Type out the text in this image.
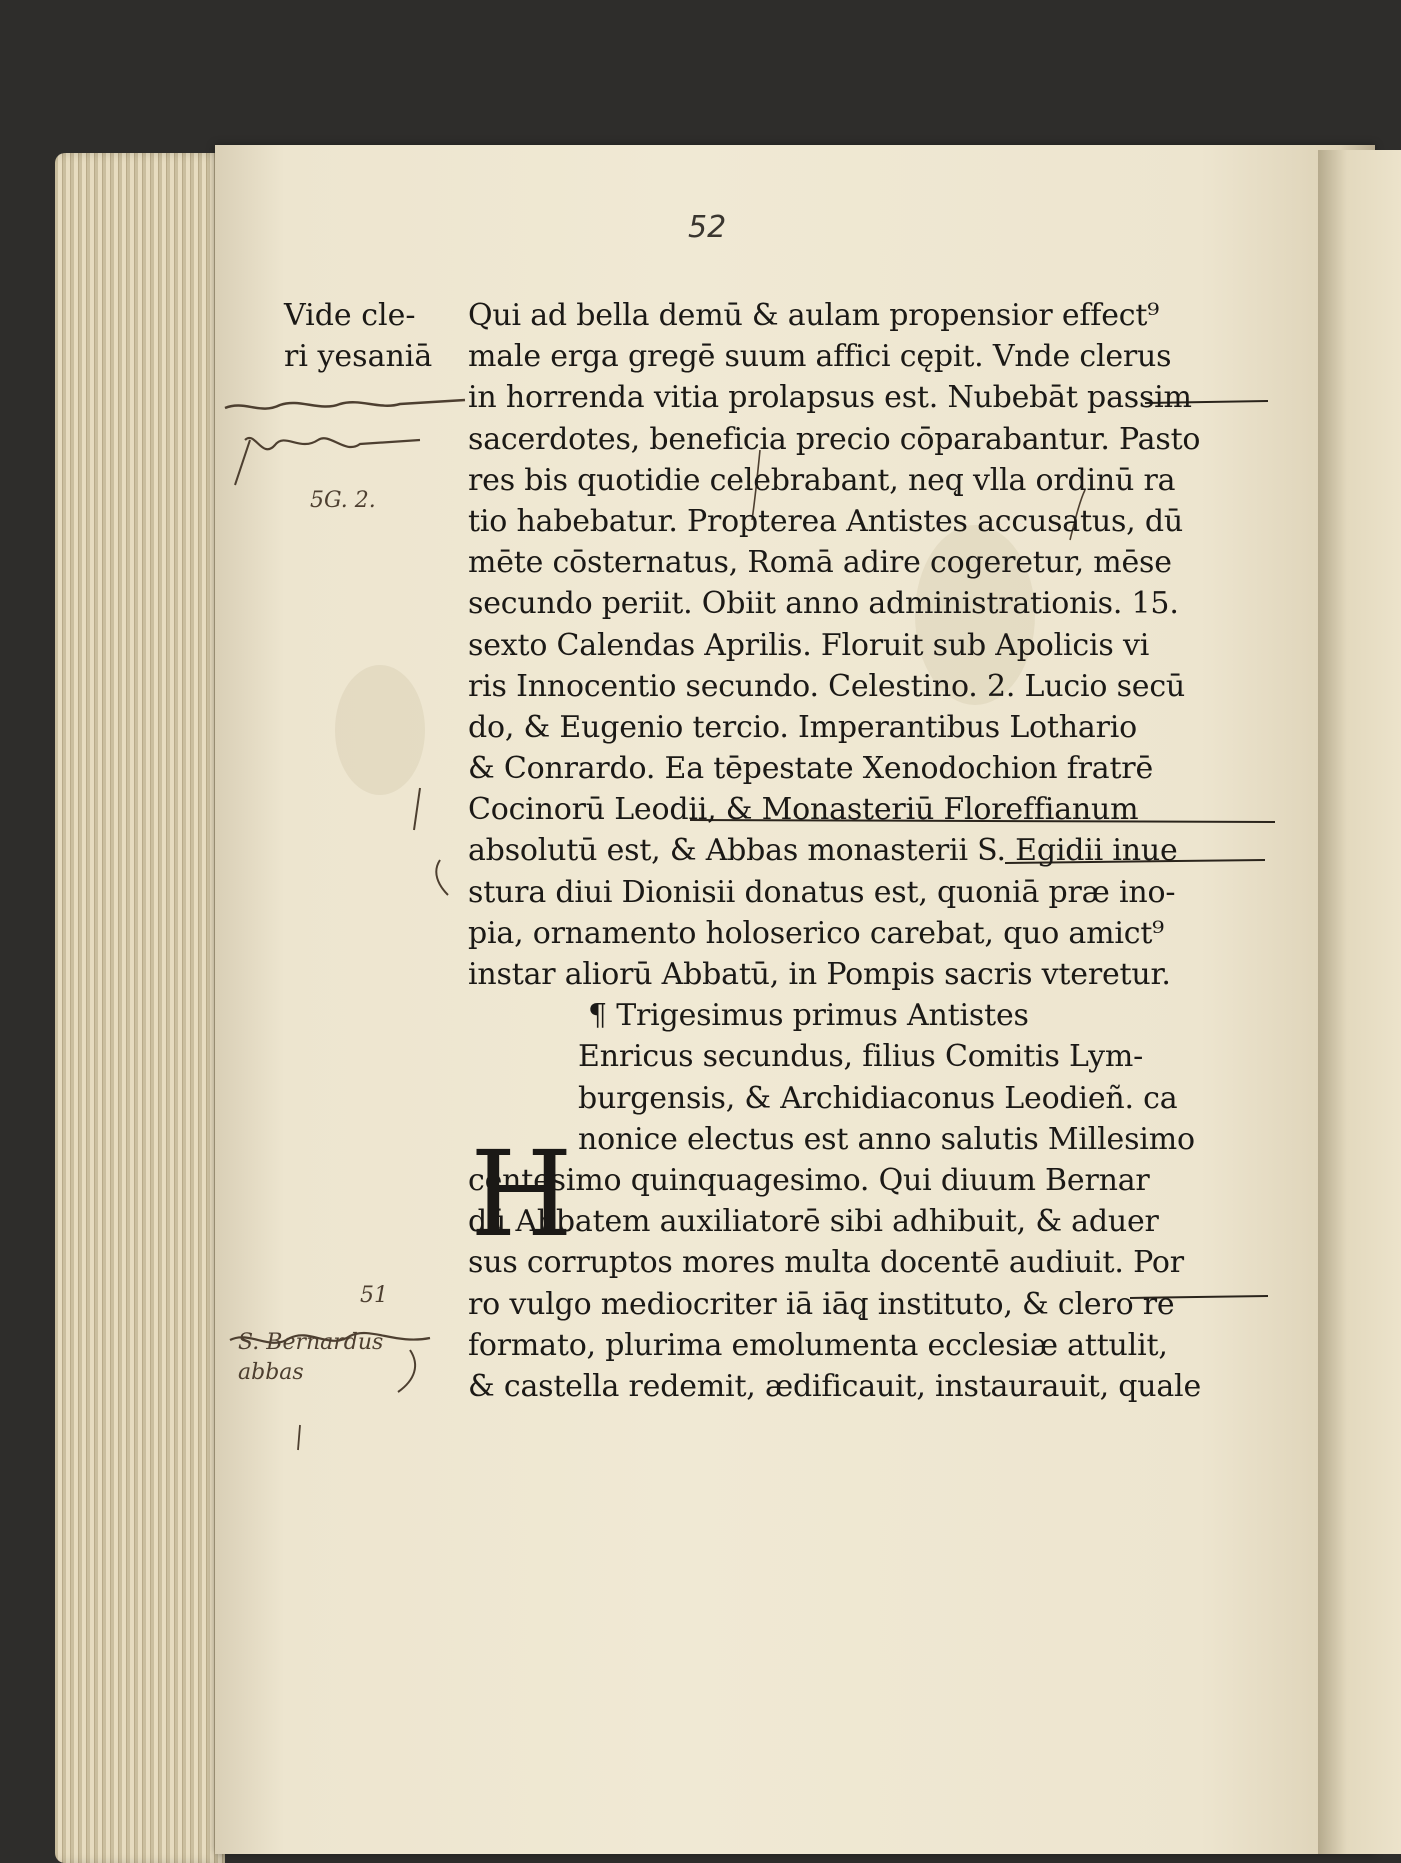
52
Vide cle-
ri yesaniā
5G. 2.
51
S. Bernardus abbas
Qui ad bella demū & aulam propensior effect⁹
male erga gregē suum affici cępit. Vnde clerus
in horrenda vitia prolapsus est. Nubebāt passim
sacerdotes, beneficia precio cōparabantur. Pasto
res bis quotidie celebrabant, neq̨ vlla ordinū ra
tio habebatur. Propterea Antistes accusatus, dū
mēte cōsternatus, Romā adire cogeretur, mēse
secundo periit. Obiit anno administrationis. 15.
sexto Calendas Aprilis. Floruit sub Apolicis vi
ris Innocentio secundo. Celestino. 2. Lucio secū
do, & Eugenio tercio. Imperantibus Lothario
& Conrardo. Ea tēpestate Xenodochion fratrē
Cocinorū Leodii, & Monasteriū Floreffianum
absolutū est, & Abbas monasterii S. Egidii inue
stura diui Dionisii donatus est, quoniā præ ino-
pia, ornamento holoserico carebat, quo amict⁹
instar aliorū Abbatū, in Pompis sacris vteretur.
¶ Trigesimus primus Antistes
Enricus secundus, filius Comitis Lym-
burgensis, & Archidiaconus Leodieñ. ca
nonice electus est anno salutis Millesimo
centesimo quinquagesimo. Qui diuum Bernar
dū Abbatem auxiliatorē sibi adhibuit, & aduer
sus corruptos mores multa docentē audiuit. Por
ro vulgo mediocriter iā iāq̨ instituto, & clero re
formato, plurima emolumenta ecclesiæ attulit,
& castella redemit, ædificauit, instaurauit, quale
H
